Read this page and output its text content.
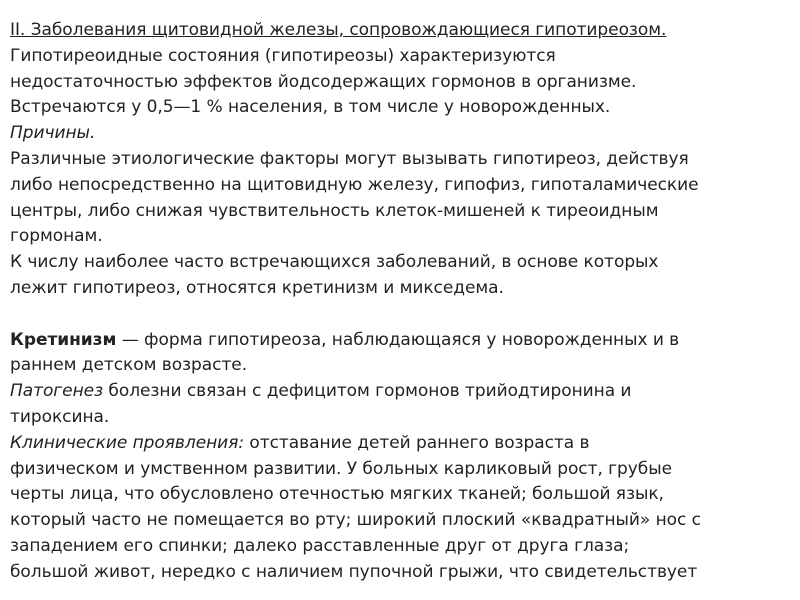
II. Заболевания щитовидной железы, сопровождающиеся гипотиреозом.
Гипотиреоидные состояния (гипотиреозы) характеризуются
недостаточностью эффектов йодсодержащих гормонов в организме.
Встречаются у 0,5—1 % населения, в том числе у новорожденных.
Причины.
Различные этиологические факторы могут вызывать гипотиреоз, действуя
либо непосредственно на щитовидную железу, гипофиз, гипоталамические
центры, либо снижая чувствительность клеток-мишеней к тиреоидным
гормонам.
К числу наиболее часто встречающихся заболеваний, в основе которых
лежит гипотиреоз, относятся кретинизм и микседема.
Кретинизм — форма гипотиреоза, наблюдающаяся у новорожденных и в
раннем детском возрасте.
Патогенез болезни связан с дефицитом гормонов трийодтиронина и
тироксина.
Клинические проявления: отставание детей раннего возраста в
физическом и умственном развитии. У больных карликовый рост, грубые
черты лица, что обусловлено отечностью мягких тканей; большой язык,
который часто не помещается во рту; широкий плоский «квадратный» нос с
западением его спинки; далеко расставленные друг от друга глаза;
большой живот, нередко с наличием пупочной грыжи, что свидетельствует
